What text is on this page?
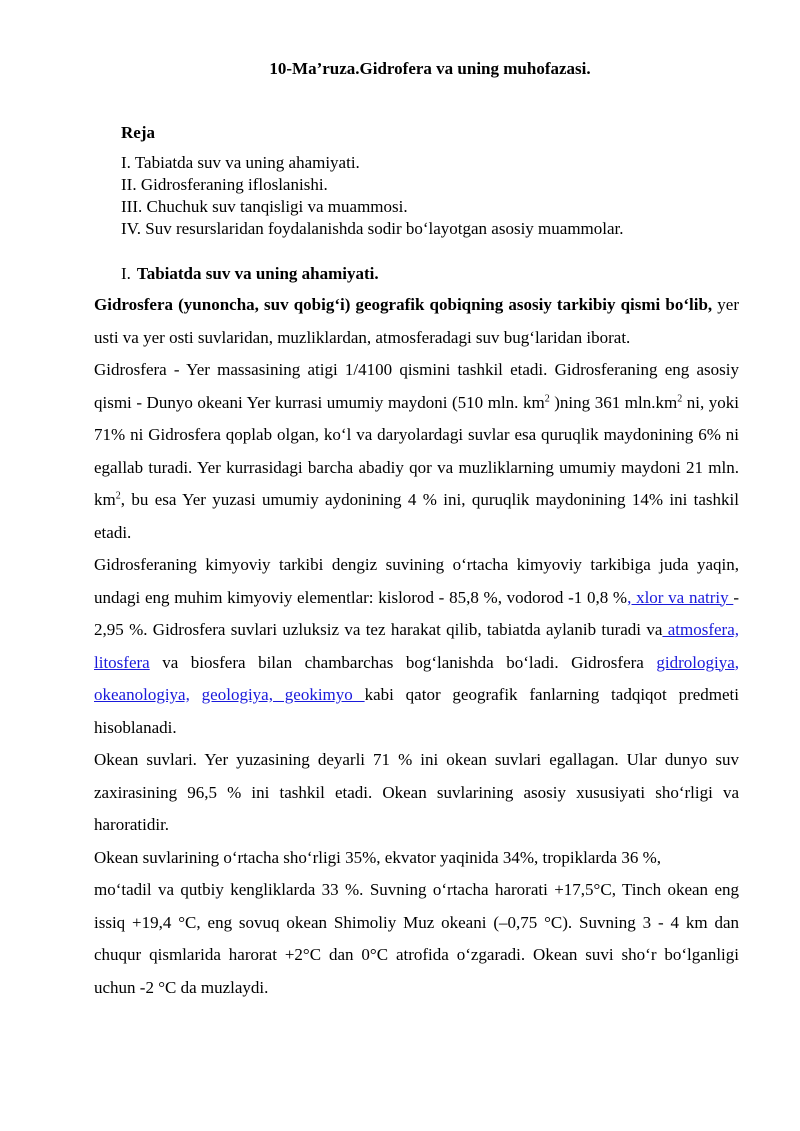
10-Ma’ruza.Gidrofera va uning muhofazasi.
Reja
I. Tabiatda suv va uning ahamiyati.
II. Gidrosferaning ifloslanishi.
III. Chuchuk suv tanqisligi va muammosi.
IV. Suv resurslaridan foydalanishda sodir bo‘layotgan asosiy muammolar.
I. Tabiatda suv va uning ahamiyati.

Gidrosfera (yunoncha, suv qobig‘i) geografik qobiqning asosiy tarkibiy qismi bo‘lib, yer usti va yer osti suvlaridan, muzliklardan, atmosferadagi suv bug‘laridan iborat.

Gidrosfera - Yer massasining atigi 1/4100 qismini tashkil etadi. Gidrosferaning eng asosiy qismi - Dunyo okeani Yer kurrasi umumiy maydoni (510 mln. $km^2$ )ning 361 $mln.km^2$ ni, yoki 71% ni Gidrosfera qoplab olgan, ko‘l va daryolardagi suvlar esa quruqlik maydonining 6% ni egallab turadi. Yer kurrasidagi barcha abadiy qor va muzliklarning umumiy maydoni 21 mln. $km^2$, bu esa Yer yuzasi umumiy aydonining 4 % ini, quruqlik maydonining 14% ini tashkil etadi.

Gidrosferaning kimyoviy tarkibi dengiz suvining o‘rtacha kimyoviy tarkibiga juda yaqin, undagi eng muhim kimyoviy elementlar: kislorod - 85,8 %, vodorod -1 0,8 %, xlor va natriy - 2,95 %. Gidrosfera suvlari uzluksiz va tez harakat qilib, tabiatda aylanib turadi va atmosfera, litosfera va biosfera bilan chambarchas bog‘lanishda bo‘ladi. Gidrosfera gidrologiya, okeanologiya, geologiya, geokimyo kabi qator geografik fanlarning tadqiqot predmeti hisoblanadi.

Okean suvlari. Yer yuzasining deyarli 71 % ini okean suvlari egallagan. Ular dunyo suv zaxirasining 96,5 % ini tashkil etadi. Okean suvlarining asosiy xususiyati sho‘rligi va haroratidir.

Okean suvlarining o‘rtacha sho‘rligi 35%, ekvator yaqinida 34%, tropiklarda 36 %,

mo‘tadil va qutbiy kengliklarda 33 %. Suvning o‘rtacha harorati +17,5°C, Tinch okean eng issiq +19,4 °C, eng sovuq okean Shimoliy Muz okeani (–0,75 °C). Suvning 3 - 4 km dan chuqur qismlarida harorat +2°C dan 0°C atrofida o‘zgaradi. Okean suvi sho‘r bo‘lganligi uchun -2 °C da muzlaydi.
